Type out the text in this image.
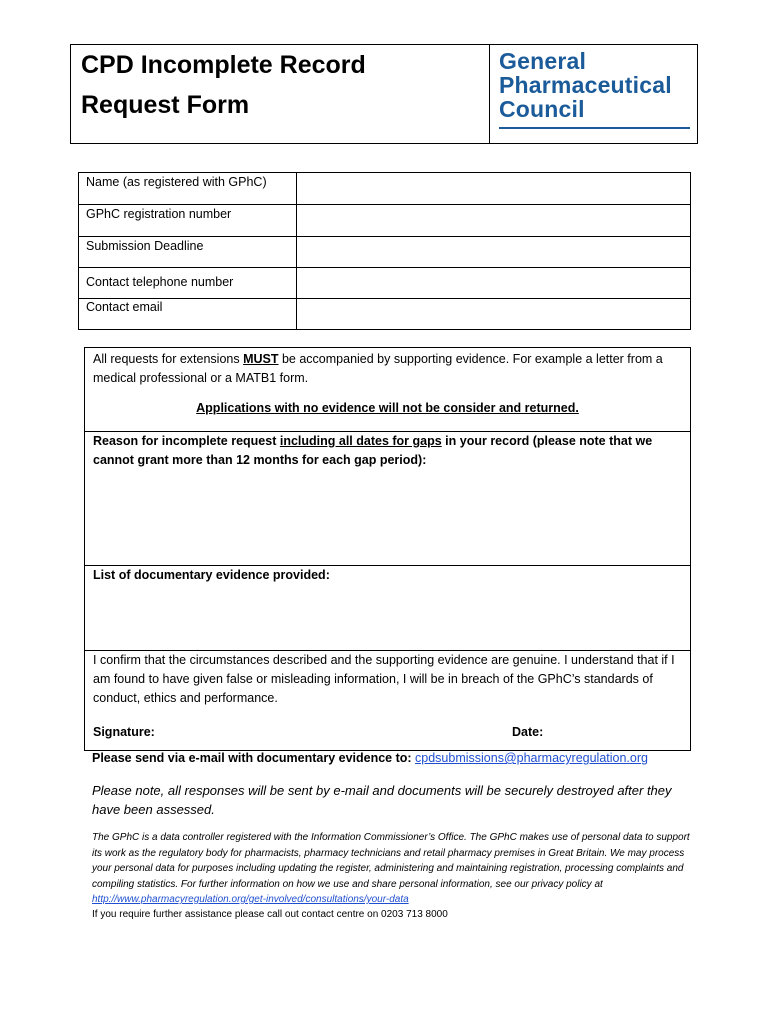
CPD Incomplete Record
Request Form
General
Pharmaceutical
Council
Name (as registered with GPhC)	
GPhC registration number	
Submission Deadline	
Contact telephone number	
Contact email	
All requests for extensions MUST be accompanied by supporting evidence. For example a letter from a medical professional or a MATB1 form.
Applications with no evidence will not be consider and returned.
Reason for incomplete request including all dates for gaps in your record (please note that we cannot grant more than 12 months for each gap period):
List of documentary evidence provided:
I confirm that the circumstances described and the supporting evidence are genuine. I understand that if I am found to have given false or misleading information, I will be in breach of the GPhC’s standards of conduct, ethics and performance.
Signature:	Date:
Please send via e-mail with documentary evidence to: cpdsubmissions@pharmacyregulation.org
Please note, all responses will be sent by e-mail and documents will be securely destroyed after they have been assessed.
The GPhC is a data controller registered with the Information Commissioner’s Office. The GPhC makes use of personal data to support its work as the regulatory body for pharmacists, pharmacy technicians and retail pharmacy premises in Great Britain. We may process your personal data for purposes including updating the register, administering and maintaining registration, processing complaints and compiling statistics. For further information on how we use and share personal information, see our privacy policy at http://www.pharmacyregulation.org/get-involved/consultations/your-data
If you require further assistance please call out contact centre on 0203 713 8000
